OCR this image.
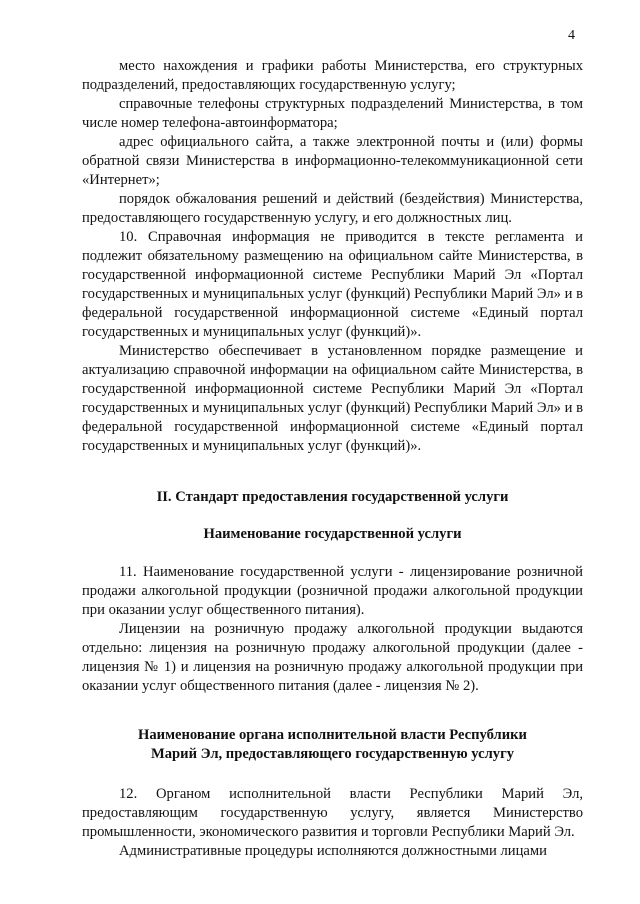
4

место нахождения и графики работы Министерства, его структурных подразделений, предоставляющих государственную услугу;

справочные телефоны структурных подразделений Министерства, в том числе номер телефона-автоинформатора;

адрес официального сайта, а также электронной почты и (или) формы обратной связи Министерства в информационно-телекоммуникационной сети «Интернет»;

порядок обжалования решений и действий (бездействия) Министерства, предоставляющего государственную услугу, и его должностных лиц.

10. Справочная информация не приводится в тексте регламента и подлежит обязательному размещению на официальном сайте Министерства, в государственной информационной системе Республики Марий Эл «Портал государственных и муниципальных услуг (функций) Республики Марий Эл» и в федеральной государственной информационной системе «Единый портал государственных и муниципальных услуг (функций)».

Министерство обеспечивает в установленном порядке размещение и актуализацию справочной информации на официальном сайте Министерства, в государственной информационной системе Республики Марий Эл «Портал государственных и муниципальных услуг (функций) Республики Марий Эл» и в федеральной государственной информационной системе «Единый портал государственных и муниципальных услуг (функций)».

II. Стандарт предоставления государственной услуги

Наименование государственной услуги

11. Наименование государственной услуги - лицензирование розничной продажи алкогольной продукции (розничной продажи алкогольной продукции при оказании услуг общественного питания).

Лицензии на розничную продажу алкогольной продукции выдаются отдельно: лицензия на розничную продажу алкогольной продукции (далее - лицензия № 1) и лицензия на розничную продажу алкогольной продукции при оказании услуг общественного питания (далее - лицензия № 2).

Наименование органа исполнительной власти Республики
Марий Эл, предоставляющего государственную услугу

12. Органом исполнительной власти Республики Марий Эл, предоставляющим государственную услугу, является Министерство промышленности, экономического развития и торговли Республики Марий Эл.

Административные процедуры исполняются должностными лицами
